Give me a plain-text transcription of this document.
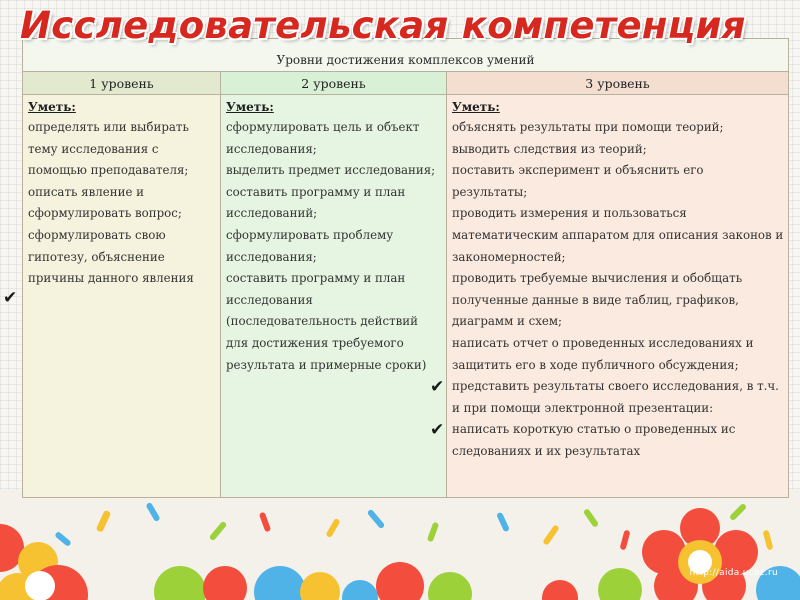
Исследовательская компетенция
Уровни достижения комплексов умений
1 уровень	2 уровень	3 уровень
Уметь:
определять или выбирать
тему исследования с
помощью преподавателя;
описать явление и
сформулировать вопрос;
сформулировать свою
гипотезу, объяснение
причины данного явления
Уметь:
сформулировать цель и объект
исследования;
выделить предмет исследования;
составить программу и план
исследований;
сформулировать проблему
исследования;
составить программу и план
исследования
(последовательность действий
для достижения требуемого
результата и примерные сроки)
Уметь:
объяснять результаты при помощи теорий;
выводить следствия из теорий;
поставить эксперимент и объяснить его
результаты;
проводить измерения и пользоваться
математическим аппаратом для описания законов и
закономерностей;
проводить требуемые вычисления и обобщать
полученные данные в виде таблиц, графиков,
диаграмм и схем;
написать отчет о проведенных исследованиях и
защитить его в ходе публичного обсуждения;
представить результаты своего исследования, в т.ч.
и при помощи электронной презентации:
написать короткую статью о проведенных ис
следованиях и их результатах
✔
✔
✔
http://aida.ucoz.ru
